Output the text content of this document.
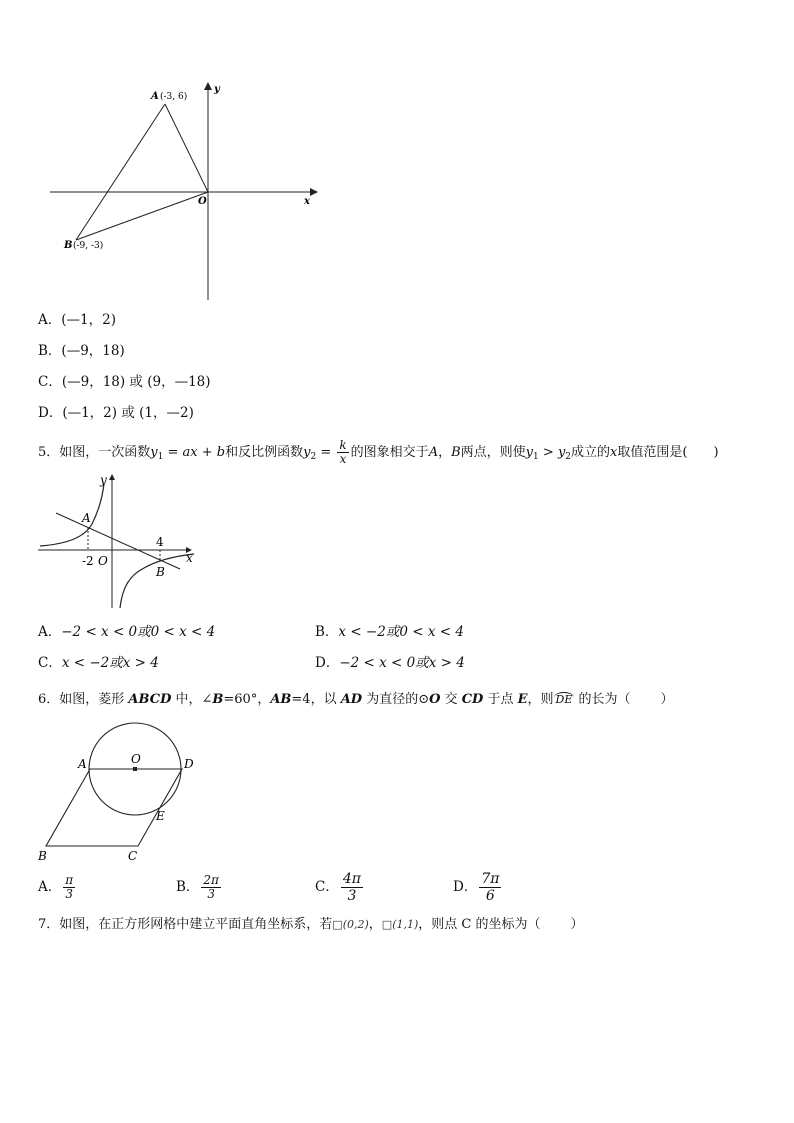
A (-3, 6)
y
O	x
B (-9, -3)
A．(—1，2)
B．(—9，18)
C．(—9，18) 或 (9，—18)
D．(—1，2) 或 (1，—2)
5．如图，一次函数$y_1$ = ax + b和反比例函数$y_2 = \frac{k}{x}$ 的图象相交于A，B两点，则使$y_1 > y_2$成立的x取值范围是( )
y
A
4
x
-2 O
B
A．−2 < x < 0或0 < x < 4	B．x < −2或0 < x < 4
C．x < −2或x > 4	D．−2 < x < 0或x > 4
6．如图，菱形 ABCD 中，∠B=60°，AB=4，以 AD 为直径的⊙O 交 CD 于点 E，则 DE 的长为（ ）
O
A	D
E
B	C
A． $\frac{\pi}{3}$	B． $\frac{2\pi}{3}$	C． $\frac{4\pi}{3}$	D． $\frac{7\pi}{6}$
7．如图，在正方形网格中建立平面直角坐标系，若□(0,2)，□(1,1)，则点 C 的坐标为（ ）
